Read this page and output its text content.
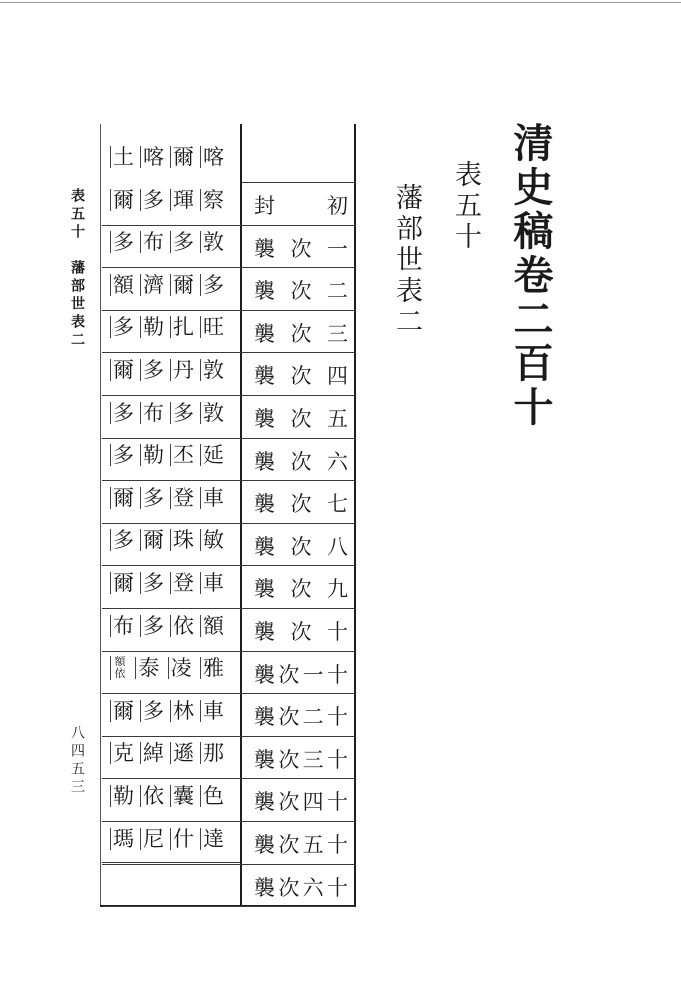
清史稿卷二百十
表五十
藩部世表二
表五十　藩部世表二
八四五三
封 初
襲 次 一
襲 次 二
襲 次 三
襲 次 四
襲 次 五
襲 次 六
襲 次 七
襲 次 八
襲 次 九
襲 次 十
襲 次 一 十
襲 次 二 十
襲 次 三 十
襲 次 四 十
襲 次 五 十
襲 次 六 十
土 喀 爾 喀
爾 多 琿 察
多 布 多 敦
額 濟 爾 多
多 勒 扎 旺
爾 多 丹 敦
多 布 多 敦
多 勒 丕 延
爾 多 登 車
多 爾 珠 敏
爾 多 登 車
布 多 依 額
額依 泰 凌 雅
爾 多 林 車
克 綽 遜 那
勒 依 囊 色
瑪 尼 什 達
